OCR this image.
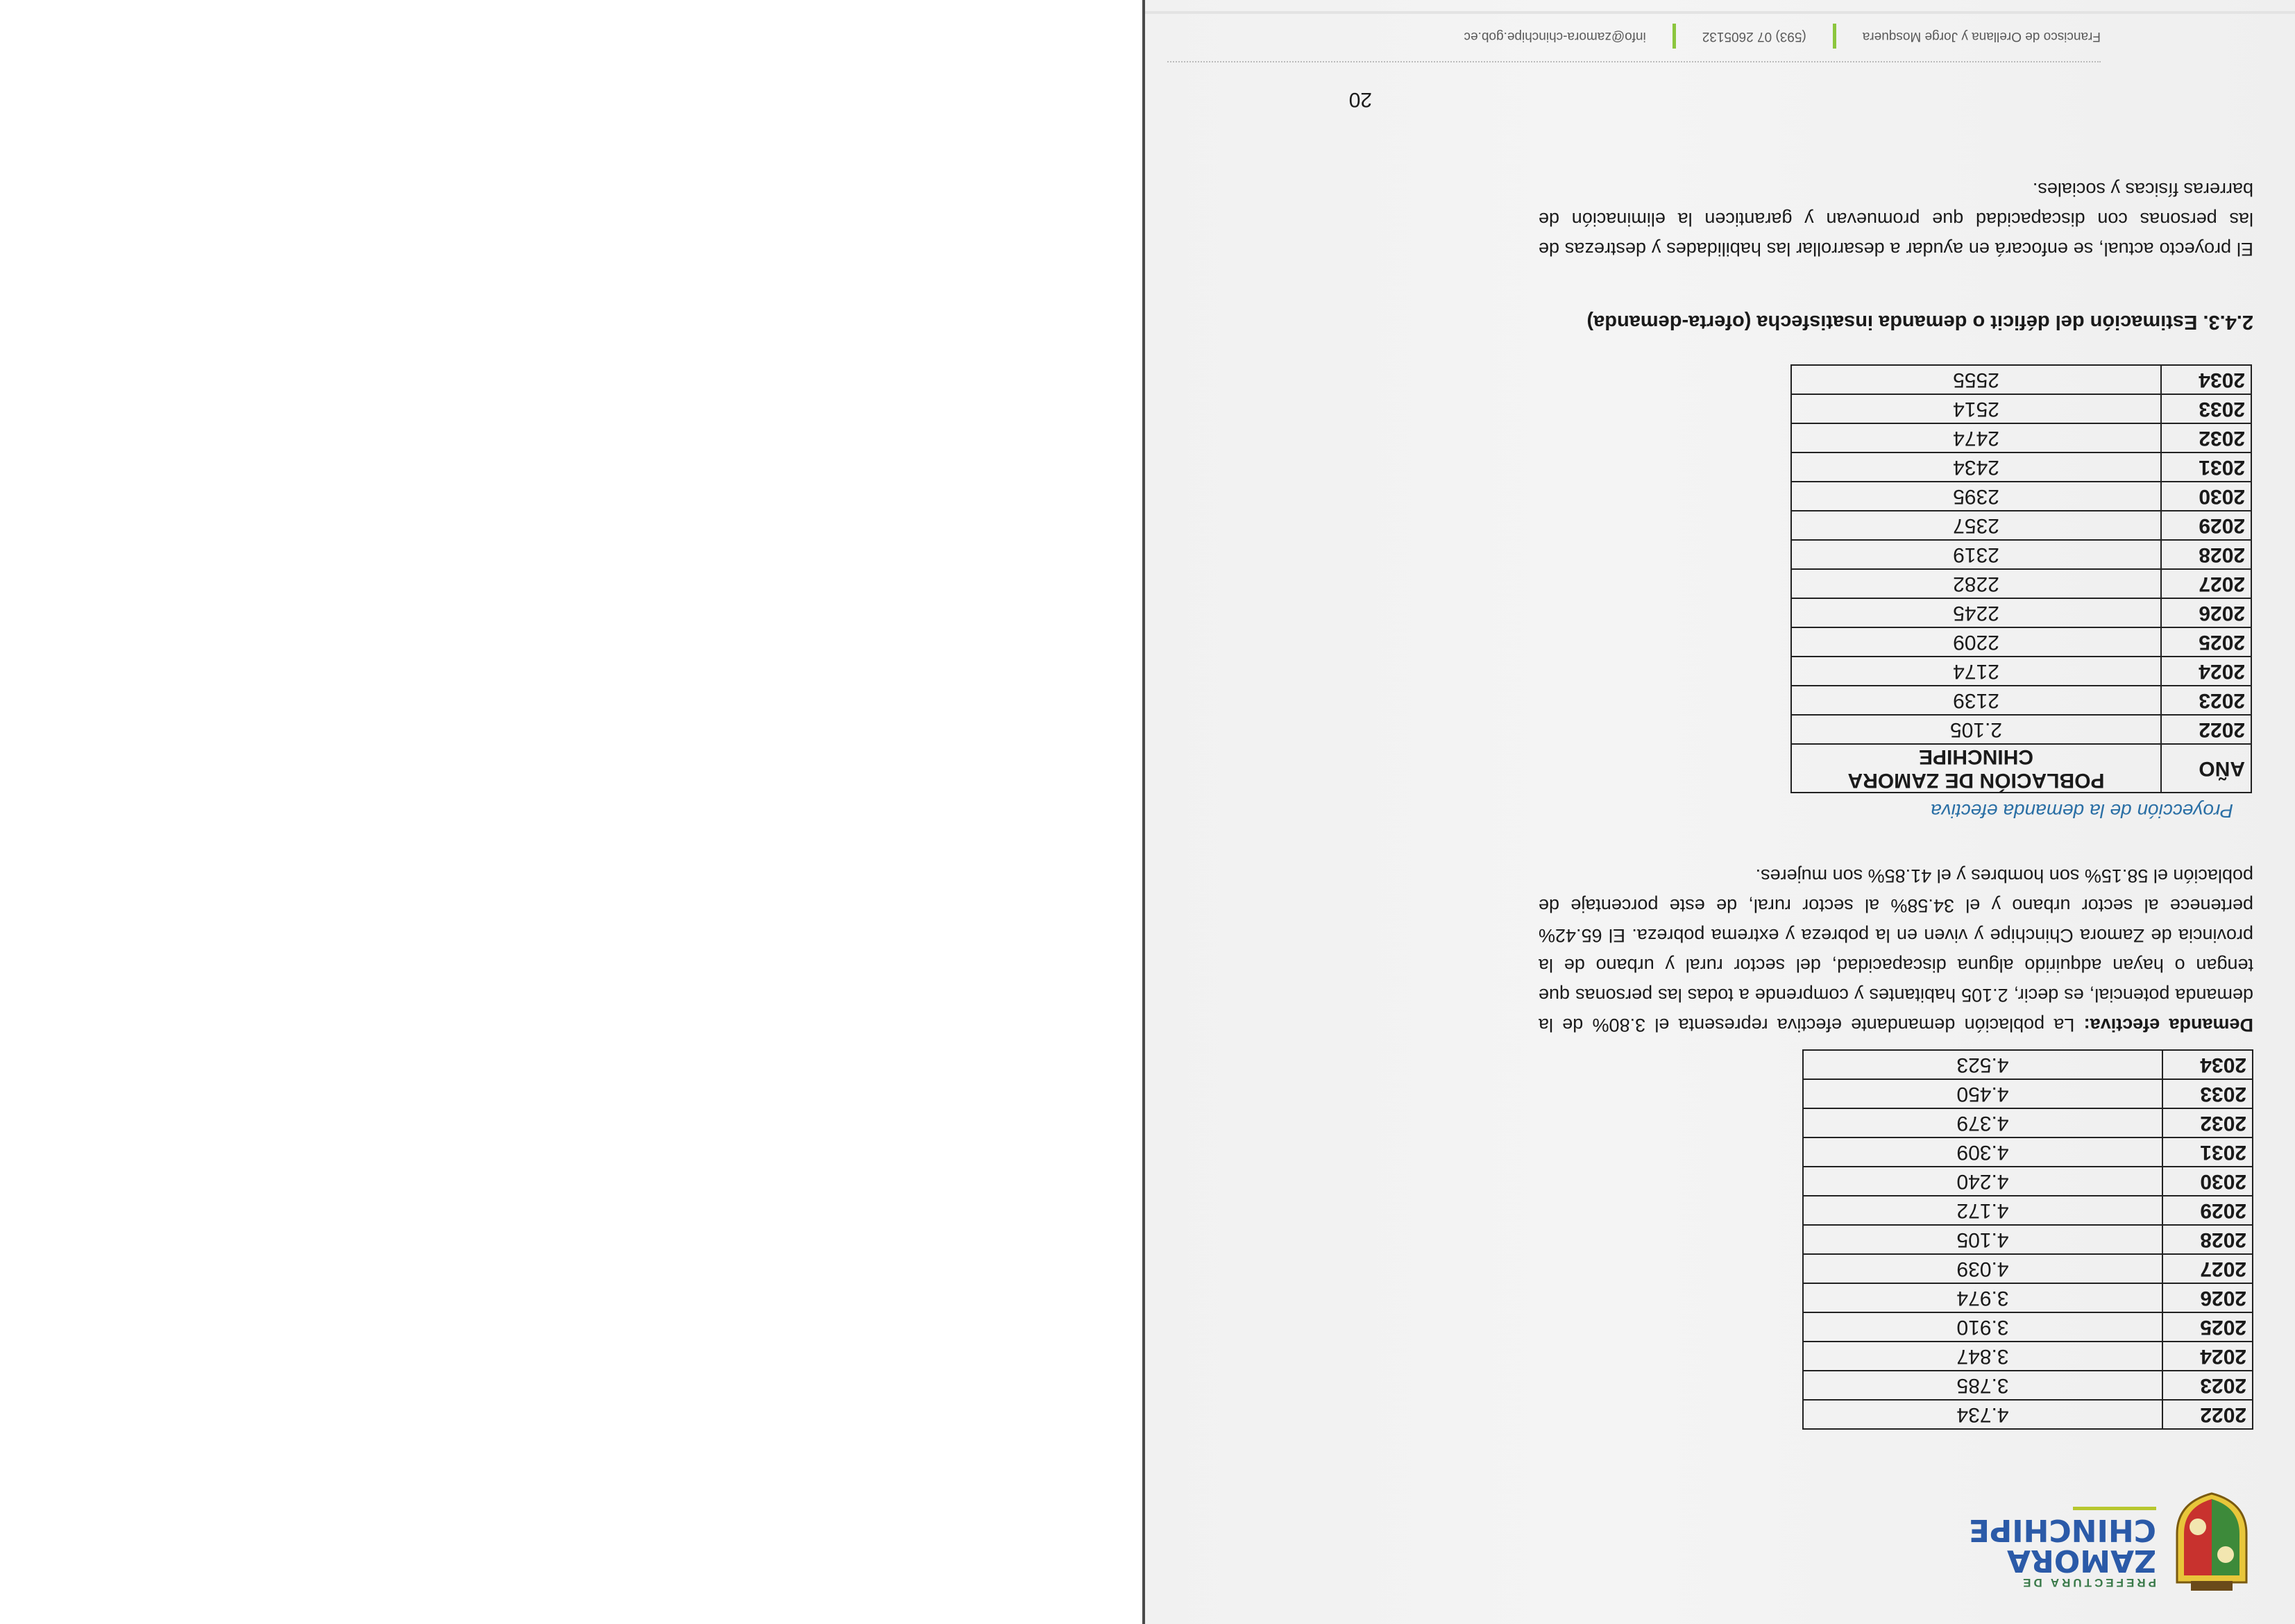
PREFECTURA DE
ZAMORA
CHINCHIPE
2022	4.734
2023	3.785
2024	3.847
2025	3.910
2026	3.974
2027	4.039
2028	4.105
2029	4.172
2030	4.240
2031	4.309
2032	4.379
2033	4.450
2034	4.523
Demanda efectiva: La población demandante efectiva representa el 3.80% de la demanda potencial, es decir, 2.105 habitantes y comprende a todas las personas que tengan o hayan adquirido alguna discapacidad, del sector rural y urbano de la provincia de Zamora Chinchipe y viven en la pobreza y extrema pobreza. El 65.42% pertenece al sector urbano y el 34.58% al sector rural, de este porcentaje de población el 58.15% son hombres y el 41.85% son mujeres.
Proyección de la demanda efectiva
AÑO	POBLACIÓN DE ZAMORA CHINCHIPE
2022	2.105
2023	2139
2024	2174
2025	2209
2026	2245
2027	2282
2028	2319
2029	2357
2030	2395
2031	2434
2032	2474
2033	2514
2034	2555
2.4.3. Estimación del déficit o demanda insatisfecha (oferta-demanda)
El proyecto actual, se enfocará en ayudar a desarrollar las habilidades y destrezas de las personas con discapacidad que promuevan y garanticen la eliminación de barreras físicas y sociales.
20
Francisco de Orellana y Jorge Mosquera(593) 07 2605132info@zamora-chinchipe.gob.ec
